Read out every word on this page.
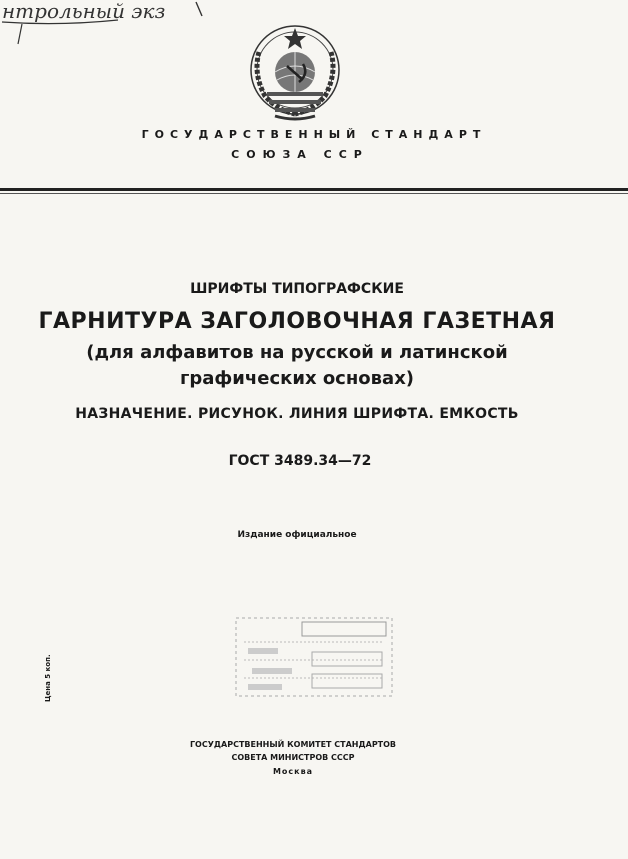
нтрольный экз
ГОСУДАРСТВЕННЫЙ СТАНДАРТ
СОЮЗА ССР
ШРИФТЫ ТИПОГРАФСКИЕ
ГАРНИТУРА ЗАГОЛОВОЧНАЯ ГАЗЕТНАЯ
(для алфавитов на русской и латинской
графических основах)
НАЗНАЧЕНИЕ. РИСУНОК. ЛИНИЯ ШРИФТА. ЕМКОСТЬ
ГОСТ 3489.34—72
Издание официальное
Цена 5 коп.
ГОСУДАРСТВЕННЫЙ КОМИТЕТ СТАНДАРТОВ
СОВЕТА МИНИСТРОВ СССР
Москва
